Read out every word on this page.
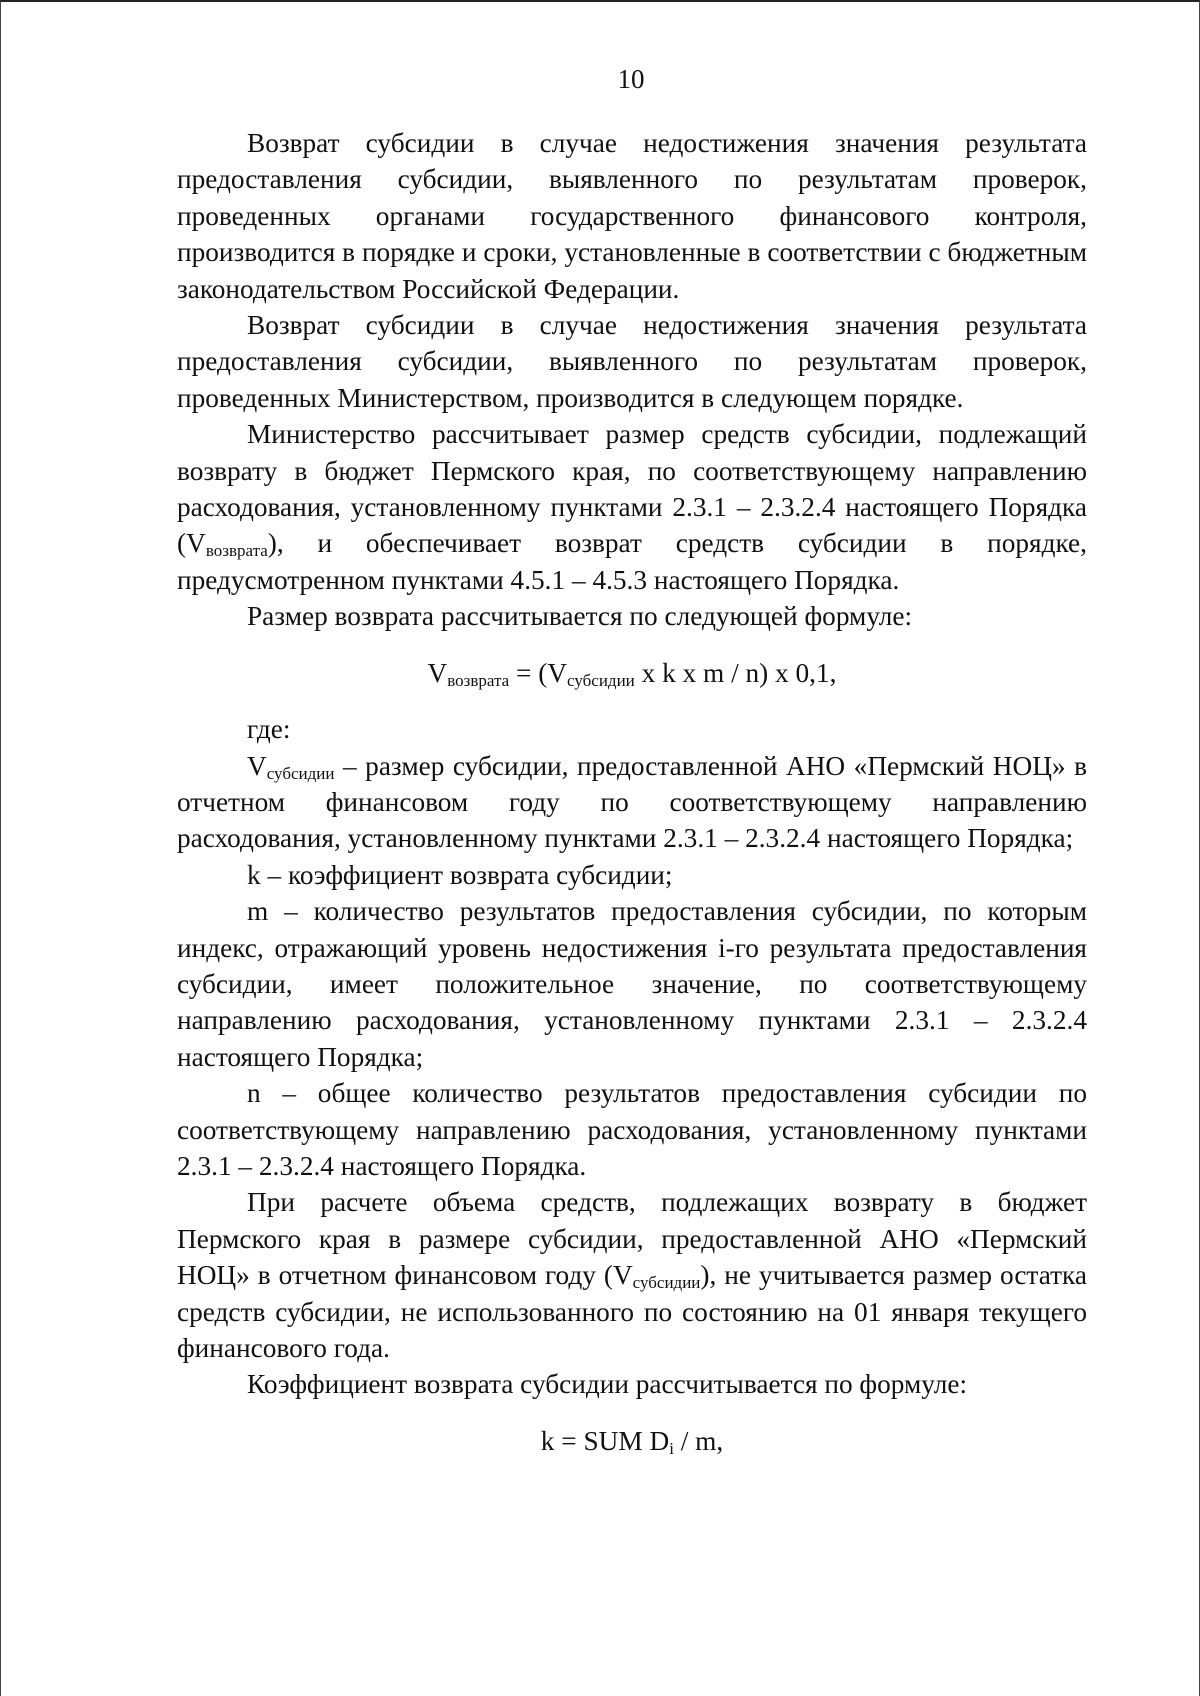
10

Возврат субсидии в случае недостижения значения результата предоставления субсидии, выявленного по результатам проверок, проведенных органами государственного финансового контроля, производится в порядке и сроки, установленные в соответствии с бюджетным законодательством Российской Федерации.

Возврат субсидии в случае недостижения значения результата предоставления субсидии, выявленного по результатам проверок, проведенных Министерством, производится в следующем порядке.

Министерство рассчитывает размер средств субсидии, подлежащий возврату в бюджет Пермского края, по соответствующему направлению расходования, установленному пунктами 2.3.1 – 2.3.2.4 настоящего Порядка $(V_{возврата})$, и обеспечивает возврат средств субсидии в порядке, предусмотренном пунктами 4.5.1 – 4.5.3 настоящего Порядка.

Размер возврата рассчитывается по следующей формуле:

$V_{возврата} = (V_{субсидии}$ x k x m / n) x 0,1,

где:

$V_{субсидии}$ – размер субсидии, предоставленной АНО «Пермский НОЦ» в отчетном финансовом году по соответствующему направлению расходования, установленному пунктами 2.3.1 – 2.3.2.4 настоящего Порядка;

k – коэффициент возврата субсидии;

m – количество результатов предоставления субсидии, по которым индекс, отражающий уровень недостижения i-го результата предоставления субсидии, имеет положительное значение, по соответствующему направлению расходования, установленному пунктами 2.3.1 – 2.3.2.4 настоящего Порядка;

n – общее количество результатов предоставления субсидии по соответствующему направлению расходования, установленному пунктами 2.3.1 – 2.3.2.4 настоящего Порядка.

При расчете объема средств, подлежащих возврату в бюджет Пермского края в размере субсидии, предоставленной АНО «Пермский НОЦ» в отчетном финансовом году $(V_{субсидии})$, не учитывается размер остатка средств субсидии, не использованного по состоянию на 01 января текущего финансового года.

Коэффициент возврата субсидии рассчитывается по формуле:

k = SUM $D_i$ / m,
